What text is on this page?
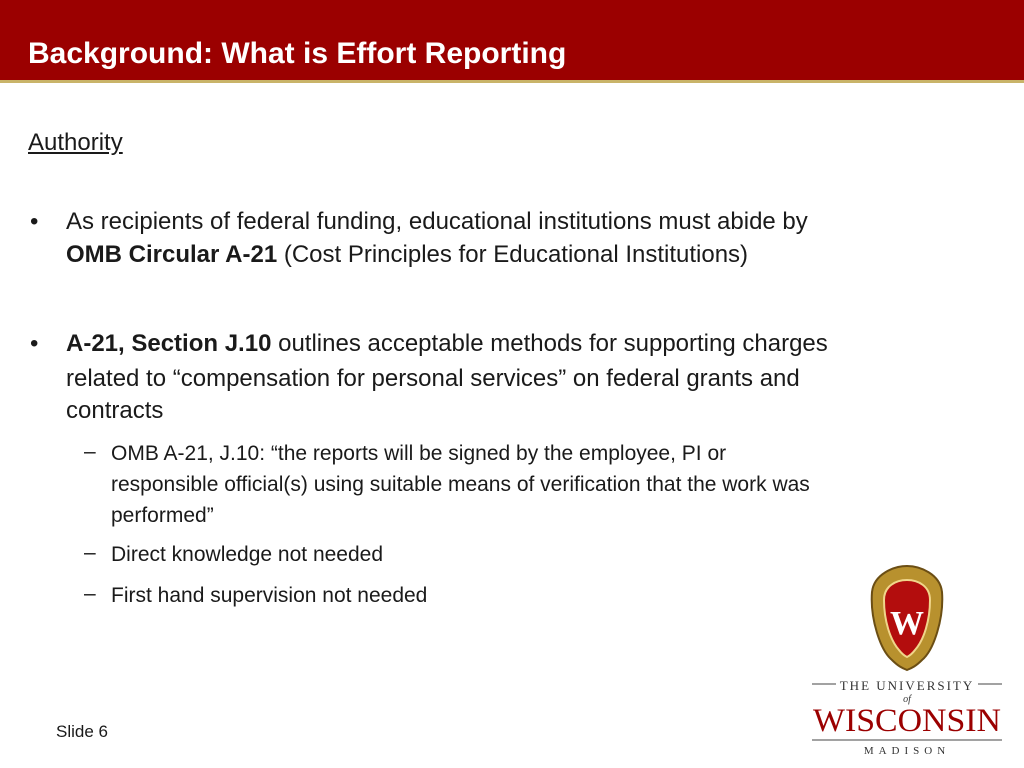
Background: What is Effort Reporting
Authority
• As recipients of federal funding, educational institutions must abide by
OMB Circular A-21 (Cost Principles for Educational Institutions)
• A-21, Section J.10 outlines acceptable methods for supporting charges
related to “compensation for personal services” on federal grants and
contracts
– OMB A-21, J.10: “the reports will be signed by the employee, PI or
responsible official(s) using suitable means of verification that the work was
performed”
– Direct knowledge not needed
– First hand supervision not needed
Slide 6
W
THE UNIVERSITY
of
WISCONSIN
MADISON
